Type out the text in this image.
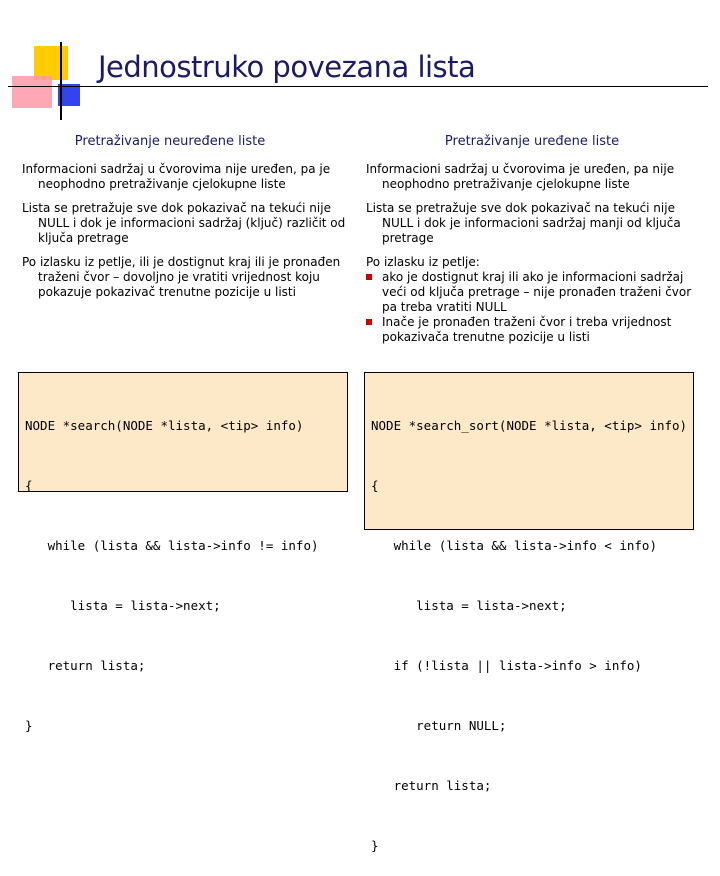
Jednostruko povezana lista
Pretraživanje neuređene liste	Pretraživanje uređene liste

Informacioni sadržaj u čvorovima nije uređen, pa je neophodno pretraživanje cjelokupne liste

Lista se pretražuje sve dok pokazivač na tekući nije NULL i dok je informacioni sadržaj (ključ) različit od ključa pretrage

Po izlasku iz petlje, ili je dostignut kraj ili je pronađen traženi čvor – dovoljno je vratiti vrijednost koju pokazuje pokazivač trenutne pozicije u listi

Informacioni sadržaj u čvorovima je uređen, pa nije neophodno pretraživanje cjelokupne liste

Lista se pretražuje sve dok pokazivač na tekući nije NULL i dok je informacioni sadržaj manji od ključa pretrage

Po izlasku iz petlje:

ako je dostignut kraj ili ako je informacioni sadržaj veći od ključa pretrage – nije pronađen traženi čvor pa treba vratiti NULL

Inače je pronađen traženi čvor i treba vrijednost pokazivača trenutne pozicije u listi

NODE *search(NODE *lista, <tip> info)

{

while (lista && lista->info != info)

lista = lista->next;

return lista;

}

NODE *search_sort(NODE *lista, <tip> info)

{

while (lista && lista->info < info)

lista = lista->next;

if (!lista || lista->info > info)

return NULL;

return lista;

}
